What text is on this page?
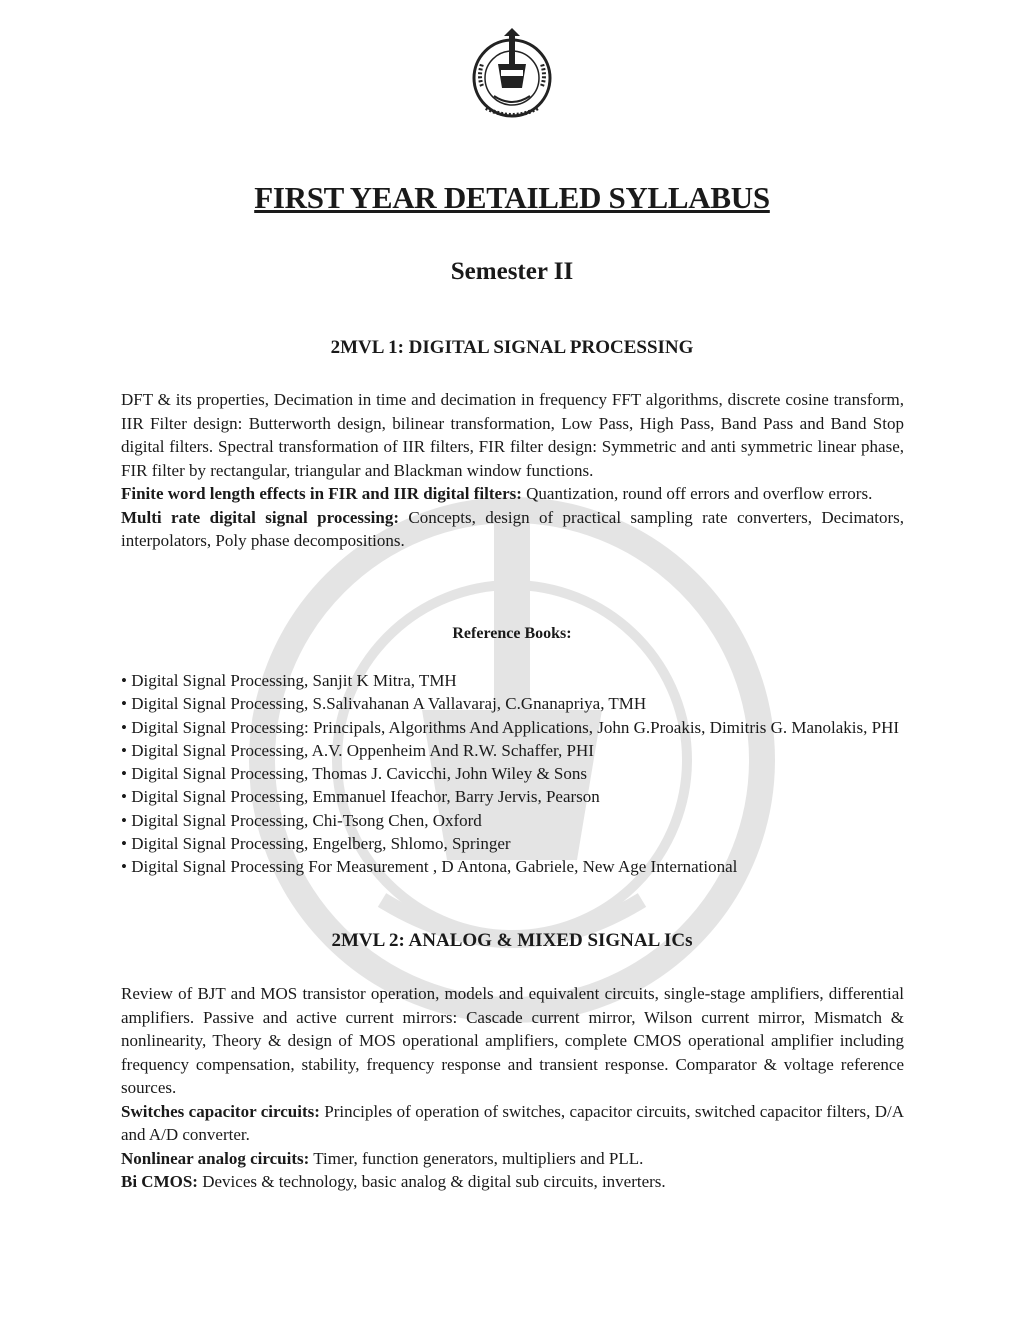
FIRST YEAR DETAILED SYLLABUS
Semester II
2MVL 1: DIGITAL SIGNAL PROCESSING

DFT & its properties, Decimation in time and decimation in frequency FFT algorithms, discrete cosine transform, IIR Filter design: Butterworth design, bilinear transformation, Low Pass, High Pass, Band Pass and Band Stop digital filters. Spectral transformation of IIR filters, FIR filter design: Symmetric and anti symmetric linear phase, FIR filter by rectangular, triangular and Blackman window functions.
Finite word length effects in FIR and IIR digital filters: Quantization, round off errors and overflow errors.
Multi rate digital signal processing: Concepts, design of practical sampling rate converters, Decimators, interpolators, Poly phase decompositions.

Reference Books:
• Digital Signal Processing, Sanjit K Mitra, TMH
• Digital Signal Processing, S.Salivahanan A Vallavaraj, C.Gnanapriya, TMH
• Digital Signal Processing: Principals, Algorithms And Applications, John G.Proakis, Dimitris G. Manolakis, PHI
• Digital Signal Processing, A.V. Oppenheim And R.W. Schaffer, PHI
• Digital Signal Processing, Thomas J. Cavicchi, John Wiley & Sons
• Digital Signal Processing, Emmanuel Ifeachor, Barry Jervis, Pearson
• Digital Signal Processing, Chi-Tsong Chen, Oxford
• Digital Signal Processing, Engelberg, Shlomo, Springer
• Digital Signal Processing For Measurement , D Antona, Gabriele, New Age International
2MVL 2: ANALOG & MIXED SIGNAL ICs

Review of BJT and MOS transistor operation, models and equivalent circuits, single-stage amplifiers, differential amplifiers. Passive and active current mirrors: Cascade current mirror, Wilson current mirror, Mismatch & nonlinearity, Theory & design of MOS operational amplifiers, complete CMOS operational amplifier including frequency compensation, stability, frequency response and transient response. Comparator & voltage reference sources.
Switches capacitor circuits: Principles of operation of switches, capacitor circuits, switched capacitor filters, D/A and A/D converter.
Nonlinear analog circuits: Timer, function generators, multipliers and PLL.
Bi CMOS: Devices & technology, basic analog & digital sub circuits, inverters.
